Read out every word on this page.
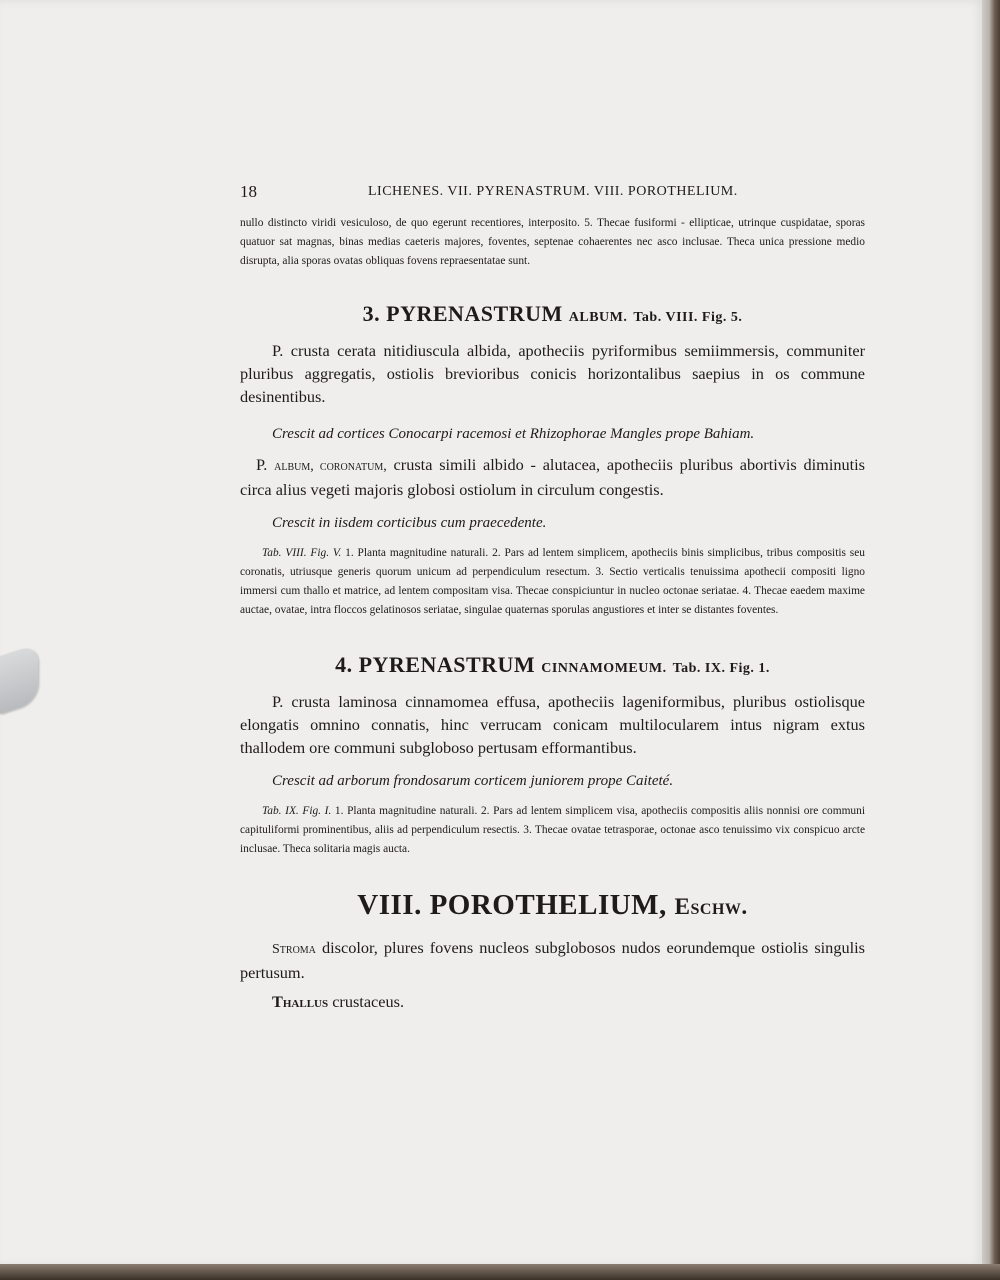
18	LICHENES. VII. PYRENASTRUM. VIII. POROTHELIUM.

nullo distincto viridi vesiculoso, de quo egerunt recentiores, interposito. 5. Thecae fusiformi - ellipticae, utrinque cuspidatae, sporas quatuor sat magnas, binas medias caeteris majores, foventes, septenae cohaerentes nec asco inclusae. Theca unica pressione medio disrupta, alia sporas ovatas obliquas fovens repraesentatae sunt.

3. PYRENASTRUM ALBUM. Tab. VIII. Fig. 5.

P. crusta cerata nitidiuscula albida, apotheciis pyriformibus semiimmersis, communiter pluribus aggregatis, ostiolis brevioribus conicis horizontalibus saepius in os commune desinentibus.

Crescit ad cortices Conocarpi racemosi et Rhizophorae Mangles prope Bahiam.

P. album, coronatum, crusta simili albido - alutacea, apotheciis pluribus abortivis diminutis circa alius vegeti majoris globosi ostiolum in circulum congestis.

Crescit in iisdem corticibus cum praecedente.

Tab. VIII. Fig. V. 1. Planta magnitudine naturali. 2. Pars ad lentem simplicem, apotheciis binis simplicibus, tribus compositis seu coronatis, utriusque generis quorum unicum ad perpendiculum resectum. 3. Sectio verticalis tenuissima apothecii compositi ligno immersi cum thallo et matrice, ad lentem compositam visa. Thecae conspiciuntur in nucleo octonae seriatae. 4. Thecae eaedem maxime auctae, ovatae, intra floccos gelatinosos seriatae, singulae quaternas sporulas angustiores et inter se distantes foventes.

4. PYRENASTRUM CINNAMOMEUM. Tab. IX. Fig. 1.

P. crusta laminosa cinnamomea effusa, apotheciis lageniformibus, pluribus ostiolisque elongatis omnino connatis, hinc verrucam conicam multilocularem intus nigram extus thallodem ore communi subgloboso pertusam efformantibus.

Crescit ad arborum frondosarum corticem juniorem prope Caiteté.

Tab. IX. Fig. I. 1. Planta magnitudine naturali. 2. Pars ad lentem simplicem visa, apotheciis compositis aliis nonnisi ore communi capituliformi prominentibus, aliis ad perpendiculum resectis. 3. Thecae ovatae tetrasporae, octonae asco tenuissimo vix conspicuo arcte inclusae. Theca solitaria magis aucta.

VIII. POROTHELIUM, Eschw.

Stroma discolor, plures fovens nucleos subglobosos nudos eorundemque ostiolis singulis pertusum.

Thallus crustaceus.
